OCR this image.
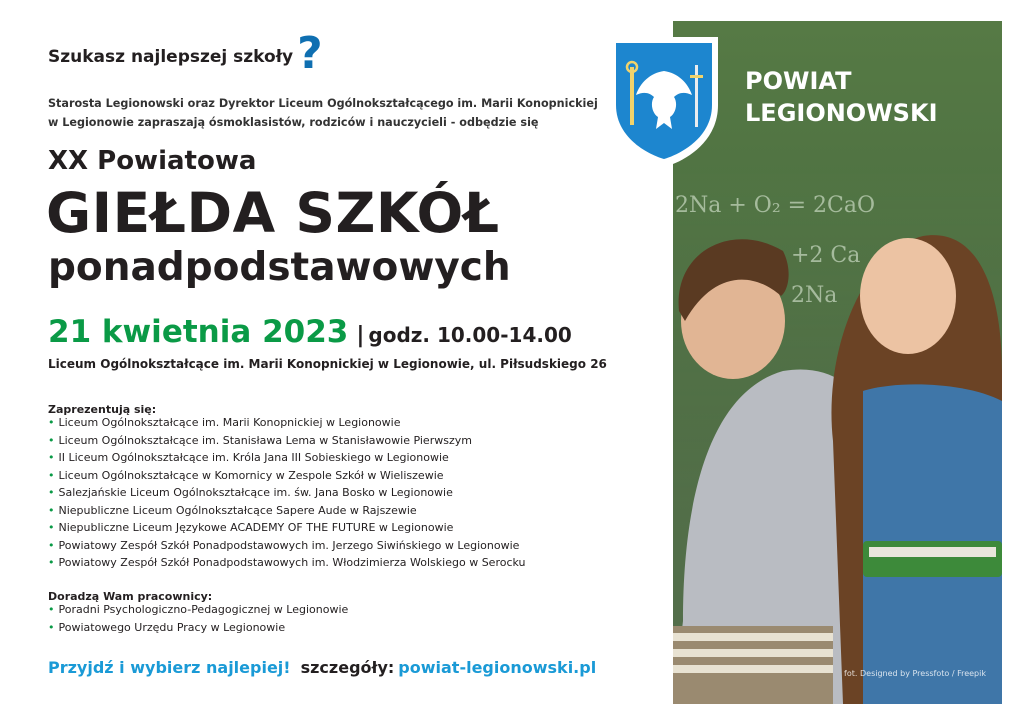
Szukasz najlepszej szkoły?
Starosta Legionowski oraz Dyrektor Liceum Ogólnokształcącego im. Marii Konopnickiej
w Legionowie zapraszają ósmoklasistów, rodziców i nauczycieli - odbędzie się
XX Powiatowa
GIEŁDA SZKÓŁ
ponadpodstawowych
21 kwietnia 2023 | godz. 10.00-14.00
Liceum Ogólnokształcące im. Marii Konopnickiej w Legionowie, ul. Piłsudskiego 26
Zaprezentują się:
• Liceum Ogólnokształcące im. Marii Konopnickiej w Legionowie
• Liceum Ogólnokształcące im. Stanisława Lema w Stanisławowie Pierwszym
• II Liceum Ogólnokształcące im. Króla Jana III Sobieskiego w Legionowie
• Liceum Ogólnokształcące w Komornicy w Zespole Szkół w Wieliszewie
• Salezjańskie Liceum Ogólnokształcące im. św. Jana Bosko w Legionowie
• Niepubliczne Liceum Ogólnokształcące Sapere Aude w Rajszewie
• Niepubliczne Liceum Językowe ACADEMY OF THE FUTURE w Legionowie
• Powiatowy Zespół Szkół Ponadpodstawowych im. Jerzego Siwińskiego w Legionowie
• Powiatowy Zespół Szkół Ponadpodstawowych im. Włodzimierza Wolskiego w Serocku
Doradzą Wam pracownicy:
• Poradni Psychologiczno-Pedagogicznej w Legionowie
• Powiatowego Urzędu Pracy w Legionowie
Przyjdź i wybierz najlepiej! szczegóły: powiat-legionowski.pl
2Na + O₂ = 2CaO
+2 Ca
2Na
POWIAT
LEGIONOWSKI
fot. Designed by Pressfoto / Freepik
